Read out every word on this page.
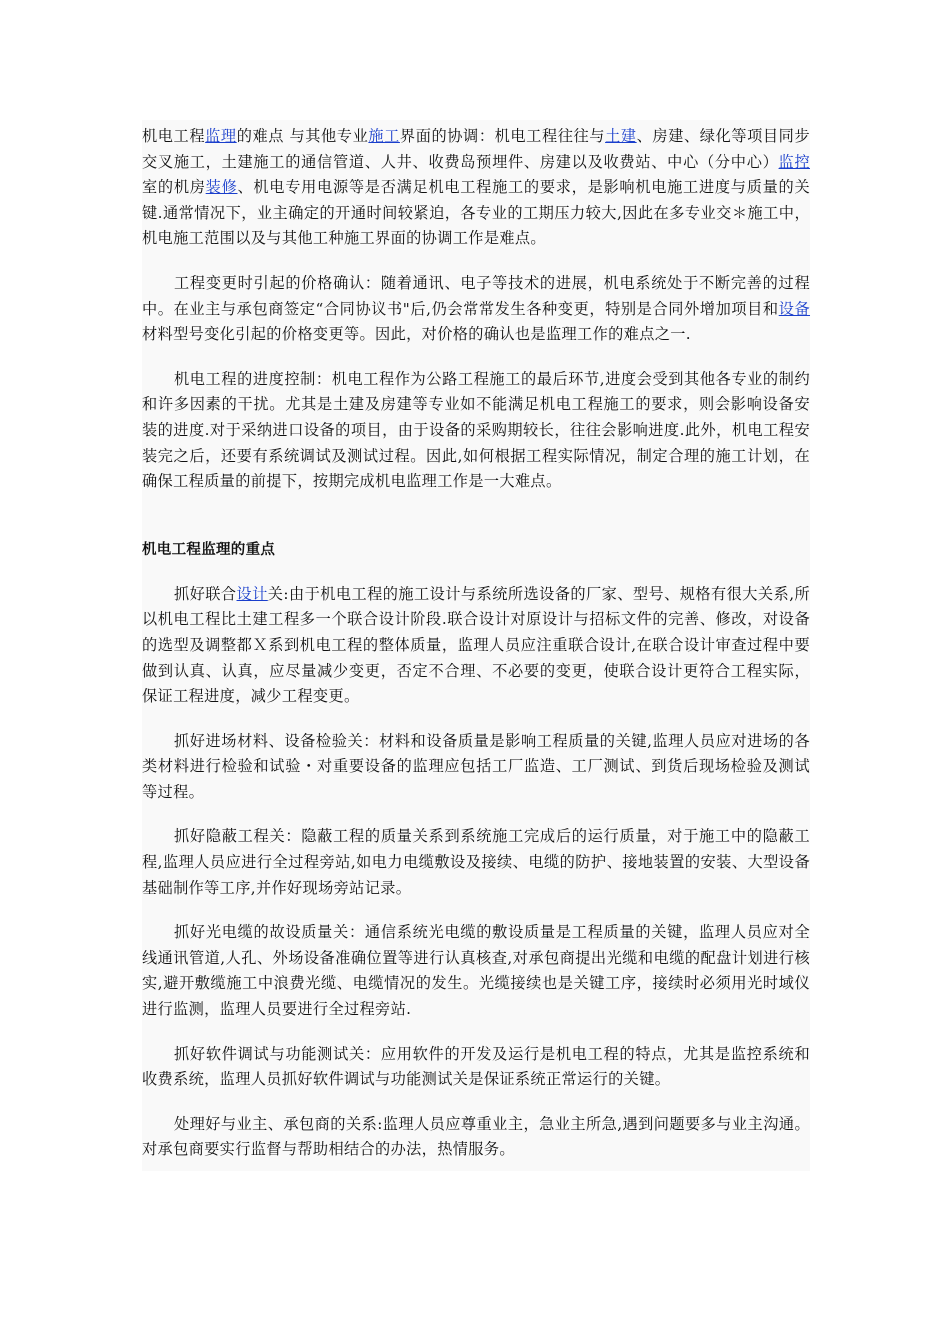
机电工程监理的难点 与其他专业施工界面的协调：机电工程往往与土建、房建、绿化等项目同步交叉施工，土建施工的通信管道、人井、收费岛预埋件、房建以及收费站、中心（分中心）监控室的机房装修、机电专用电源等是否满足机电工程施工的要求，是影响机电施工进度与质量的关键.通常情况下，业主确定的开通时间较紧迫，各专业的工期压力较大,因此在多专业交＊施工中，机电施工范围以及与其他工种施工界面的协调工作是难点。

工程变更时引起的价格确认：随着通讯、电子等技术的进展，机电系统处于不断完善的过程中。在业主与承包商签定“合同协议书"后,仍会常常发生各种变更，特别是合同外增加项目和设备材料型号变化引起的价格变更等。因此，对价格的确认也是监理工作的难点之一.

机电工程的进度控制：机电工程作为公路工程施工的最后环节,进度会受到其他各专业的制约和许多因素的干扰。尤其是土建及房建等专业如不能满足机电工程施工的要求，则会影响设备安装的进度.对于采纳进口设备的项目，由于设备的采购期较长，往往会影响进度.此外，机电工程安装完之后，还要有系统调试及测试过程。因此,如何根据工程实际情况，制定合理的施工计划，在确保工程质量的前提下，按期完成机电监理工作是一大难点。

机电工程监理的重点

抓好联合设计关:由于机电工程的施工设计与系统所选设备的厂家、型号、规格有很大关系,所以机电工程比土建工程多一个联合设计阶段.联合设计对原设计与招标文件的完善、修改，对设备的选型及调整都Ｘ系到机电工程的整体质量，监理人员应注重联合设计,在联合设计审查过程中要做到认真、认真，应尽量减少变更，否定不合理、不必要的变更，使联合设计更符合工程实际，保证工程进度，减少工程变更。

抓好进场材料、设备检验关：材料和设备质量是影响工程质量的关键,监理人员应对进场的各类材料进行检验和试验・对重要设备的监理应包括工厂监造、工厂测试、到货后现场检验及测试等过程。

抓好隐蔽工程关：隐蔽工程的质量关系到系统施工完成后的运行质量，对于施工中的隐蔽工程,监理人员应进行全过程旁站,如电力电缆敷设及接续、电缆的防护、接地装置的安装、大型设备基础制作等工序,并作好现场旁站记录。

抓好光电缆的故设质量关：通信系统光电缆的敷设质量是工程质量的关键，监理人员应对全线通讯管道,人孔、外场设备准确位置等进行认真核查,对承包商提出光缆和电缆的配盘计划进行核实,避开敷缆施工中浪费光缆、电缆情况的发生。光缆接续也是关键工序，接续时必须用光时域仪进行监测，监理人员要进行全过程旁站.

抓好软件调试与功能测试关：应用软件的开发及运行是机电工程的特点，尤其是监控系统和收费系统，监理人员抓好软件调试与功能测试关是保证系统正常运行的关键。

处理好与业主、承包商的关系:监理人员应尊重业主，急业主所急,遇到问题要多与业主沟通。对承包商要实行监督与帮助相结合的办法，热情服务。
